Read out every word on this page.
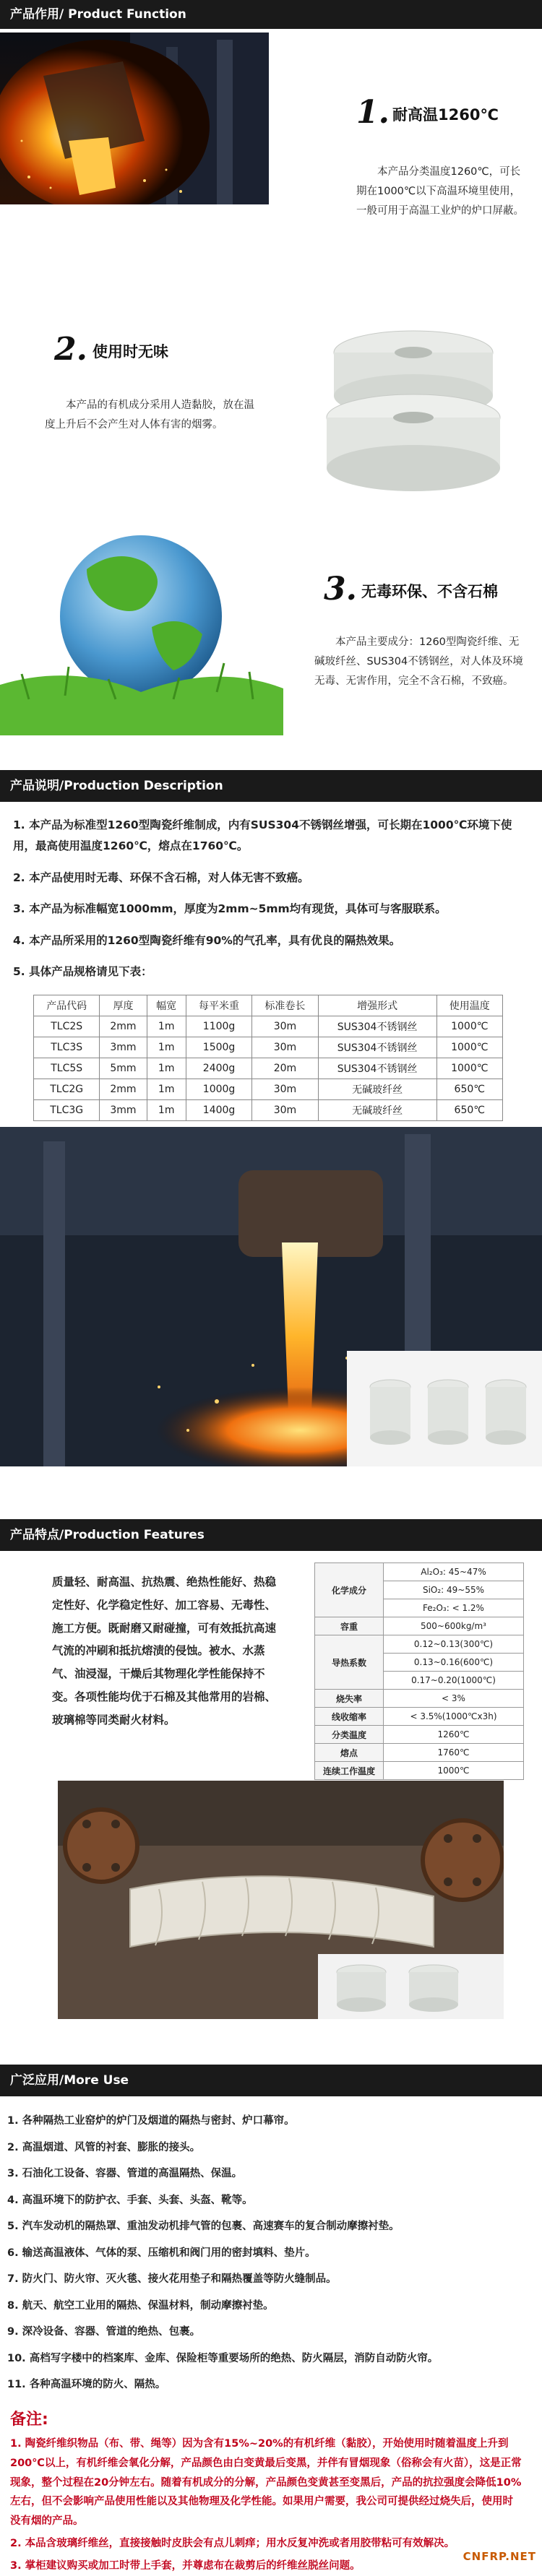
产品作用/ Product Function
1. 耐高温1260℃
本产品分类温度1260℃，可长期在1000℃以下高温环境里使用，一般可用于高温工业炉的炉口屏蔽。
2. 使用时无味
本产品的有机成分采用人造黏胶，放在温度上升后不会产生对人体有害的烟雾。
3. 无毒环保、不含石棉
本产品主要成分：1260型陶瓷纤维、无碱玻纤丝、SUS304不锈钢丝，对人体及环境无毒、无害作用，完全不含石棉，不致癌。
产品说明/Production Description
1. 本产品为标准型1260型陶瓷纤维制成，内有SUS304不锈钢丝增强，可长期在1000℃环境下使用，最高使用温度1260℃，熔点在1760℃。
2. 本产品使用时无毒、环保不含石棉，对人体无害不致癌。
3. 本产品为标准幅宽1000mm，厚度为2mm~5mm均有现货，具体可与客服联系。
4. 本产品所采用的1260型陶瓷纤维有90%的气孔率，具有优良的隔热效果。
5. 具体产品规格请见下表：
产品代码	厚度	幅宽	每平米重	标准卷长	增强形式	使用温度
TLC2S	2mm	1m	1100g	30m	SUS304不锈钢丝	1000℃
TLC3S	3mm	1m	1500g	30m	SUS304不锈钢丝	1000℃
TLC5S	5mm	1m	2400g	20m	SUS304不锈钢丝	1000℃
TLC2G	2mm	1m	1000g	30m	无碱玻纤丝	650℃
TLC3G	3mm	1m	1400g	30m	无碱玻纤丝	650℃
产品特点/Production Features
质量轻、耐高温、抗热震、绝热性能好、热稳定性好、化学稳定性好、加工容易、无毒性、施工方便。既耐磨又耐碰撞，可有效抵抗高速气流的冲刷和抵抗熔渍的侵蚀。被水、水蒸气、油浸湿，干燥后其物理化学性能保持不变。各项性能均优于石棉及其他常用的岩棉、玻璃棉等同类耐火材料。
化学成分	Al₂O₃: 45~47%
	SiO₂: 49~55%
	Fe₂O₃: < 1.2%
容重	500~600kg/m³
导热系数	0.12~0.13(300℃)
	0.13~0.16(600℃)
	0.17~0.20(1000℃)
烧失率	< 3%
线收缩率	< 3.5%(1000℃x3h)
分类温度	1260℃
熔点	1760℃
连续工作温度	1000℃
广泛应用/More Use
1. 各种隔热工业窑炉的炉门及烟道的隔热与密封、炉口幕帘。
2. 高温烟道、风管的衬套、膨胀的接头。
3. 石油化工设备、容器、管道的高温隔热、保温。
4. 高温环境下的防护衣、手套、头套、头盔、靴等。
5. 汽车发动机的隔热罩、重油发动机排气管的包裹、高速赛车的复合制动摩擦衬垫。
6. 输送高温液体、气体的泵、压缩机和阀门用的密封填料、垫片。
7. 防火门、防火帘、灭火毯、接火花用垫子和隔热覆盖等防火缝制品。
8. 航天、航空工业用的隔热、保温材料，制动摩擦衬垫。
9. 深冷设备、容器、管道的绝热、包裹。
10. 高档写字楼中的档案库、金库、保险柜等重要场所的绝热、防火隔层，消防自动防火帘。
11. 各种高温环境的防火、隔热。
备注:
1. 陶瓷纤维织物品（布、带、绳等）因为含有15%~20%的有机纤维（黏胶），开始使用时随着温度上升到200℃以上，有机纤维会氧化分解，产品颜色由白变黄最后变黑，并伴有冒烟现象（俗称会有火苗），这是正常现象，整个过程在20分钟左右。随着有机成分的分解，产品颜色变黄甚至变黑后，产品的抗拉强度会降低10%左右，但不会影响产品使用性能以及其他物理及化学性能。如果用户需要，我公司可提供经过烧失后，使用时没有烟的产品。
2. 本品含玻璃纤维丝，直接接触时皮肤会有点儿刺痒；用水反复冲洗或者用胶带粘可有效解决。
3. 掌柜建议购买或加工时带上手套，并尊虑布在裁剪后的纤维丝脱丝问题。
CNFRP.NET
